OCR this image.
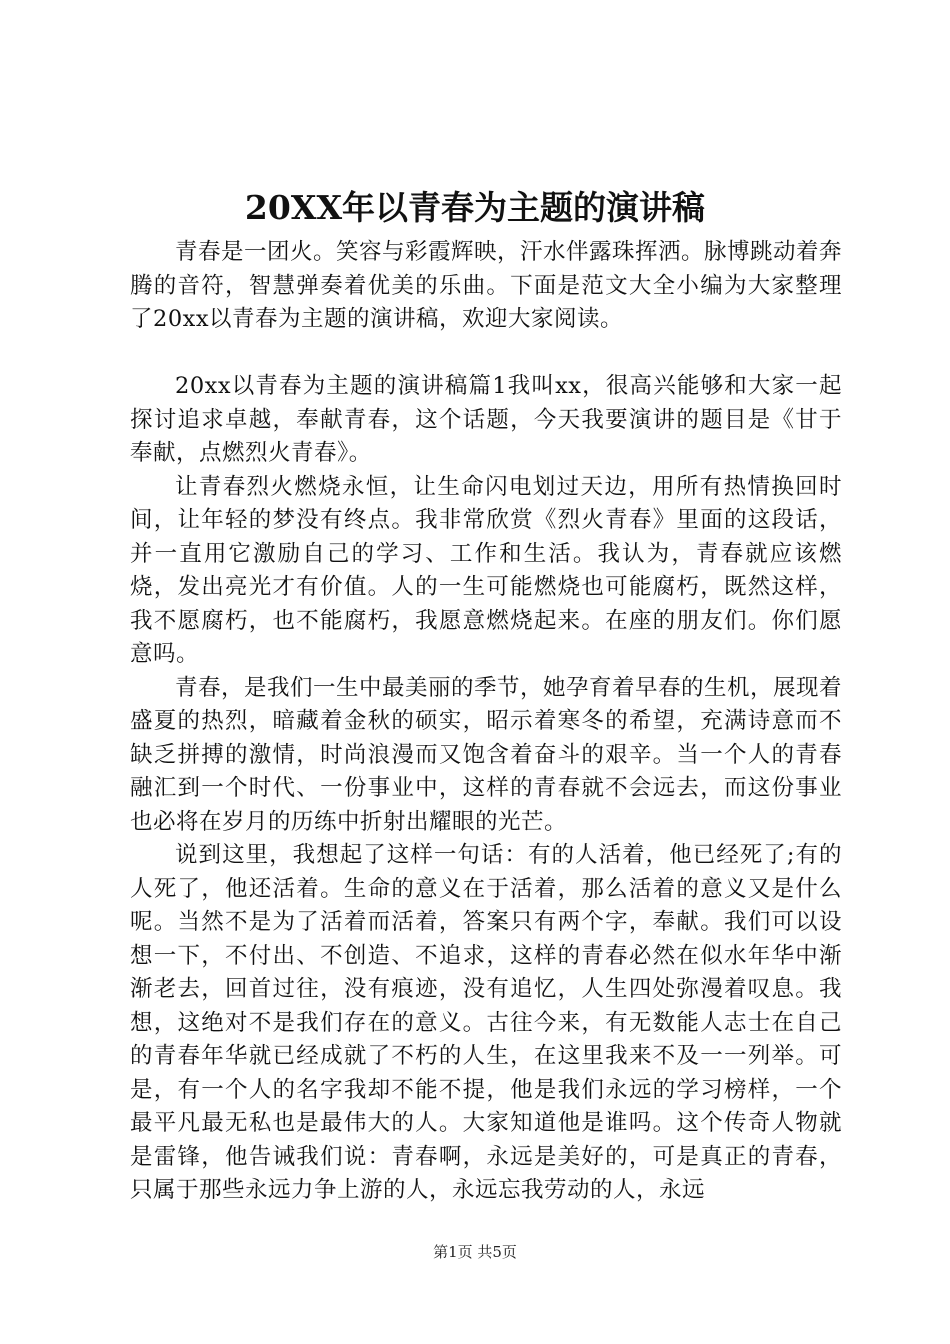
20XX年以青春为主题的演讲稿

青春是一团火。笑容与彩霞辉映，汗水伴露珠挥洒。脉博跳动着奔腾的音符，智慧弹奏着优美的乐曲。下面是范文大全小编为大家整理了20xx以青春为主题的演讲稿，欢迎大家阅读。

20xx以青春为主题的演讲稿篇1我叫xx，很高兴能够和大家一起探讨追求卓越，奉献青春，这个话题，今天我要演讲的题目是《甘于奉献，点燃烈火青春》。

让青春烈火燃烧永恒，让生命闪电划过天边，用所有热情换回时间，让年轻的梦没有终点。我非常欣赏《烈火青春》里面的这段话，并一直用它激励自己的学习、工作和生活。我认为，青春就应该燃烧，发出亮光才有价值。人的一生可能燃烧也可能腐朽，既然这样，我不愿腐朽，也不能腐朽，我愿意燃烧起来。在座的朋友们。你们愿意吗。

青春，是我们一生中最美丽的季节，她孕育着早春的生机，展现着盛夏的热烈，暗藏着金秋的硕实，昭示着寒冬的希望，充满诗意而不缺乏拼搏的激情，时尚浪漫而又饱含着奋斗的艰辛。当一个人的青春融汇到一个时代、一份事业中，这样的青春就不会远去，而这份事业也必将在岁月的历练中折射出耀眼的光芒。

说到这里，我想起了这样一句话：有的人活着，他已经死了;有的人死了，他还活着。生命的意义在于活着，那么活着的意义又是什么呢。当然不是为了活着而活着，答案只有两个字，奉献。我们可以设想一下，不付出、不创造、不追求，这样的青春必然在似水年华中渐渐老去，回首过往，没有痕迹，没有追忆，人生四处弥漫着叹息。我想，这绝对不是我们存在的意义。古往今来，有无数能人志士在自己的青春年华就已经成就了不朽的人生，在这里我来不及一一列举。可是，有一个人的名字我却不能不提，他是我们永远的学习榜样，一个最平凡最无私也是最伟大的人。大家知道他是谁吗。这个传奇人物就是雷锋，他告诫我们说：青春啊，永远是美好的，可是真正的青春，只属于那些永远力争上游的人，永远忘我劳动的人，永远

第1页 共5页
